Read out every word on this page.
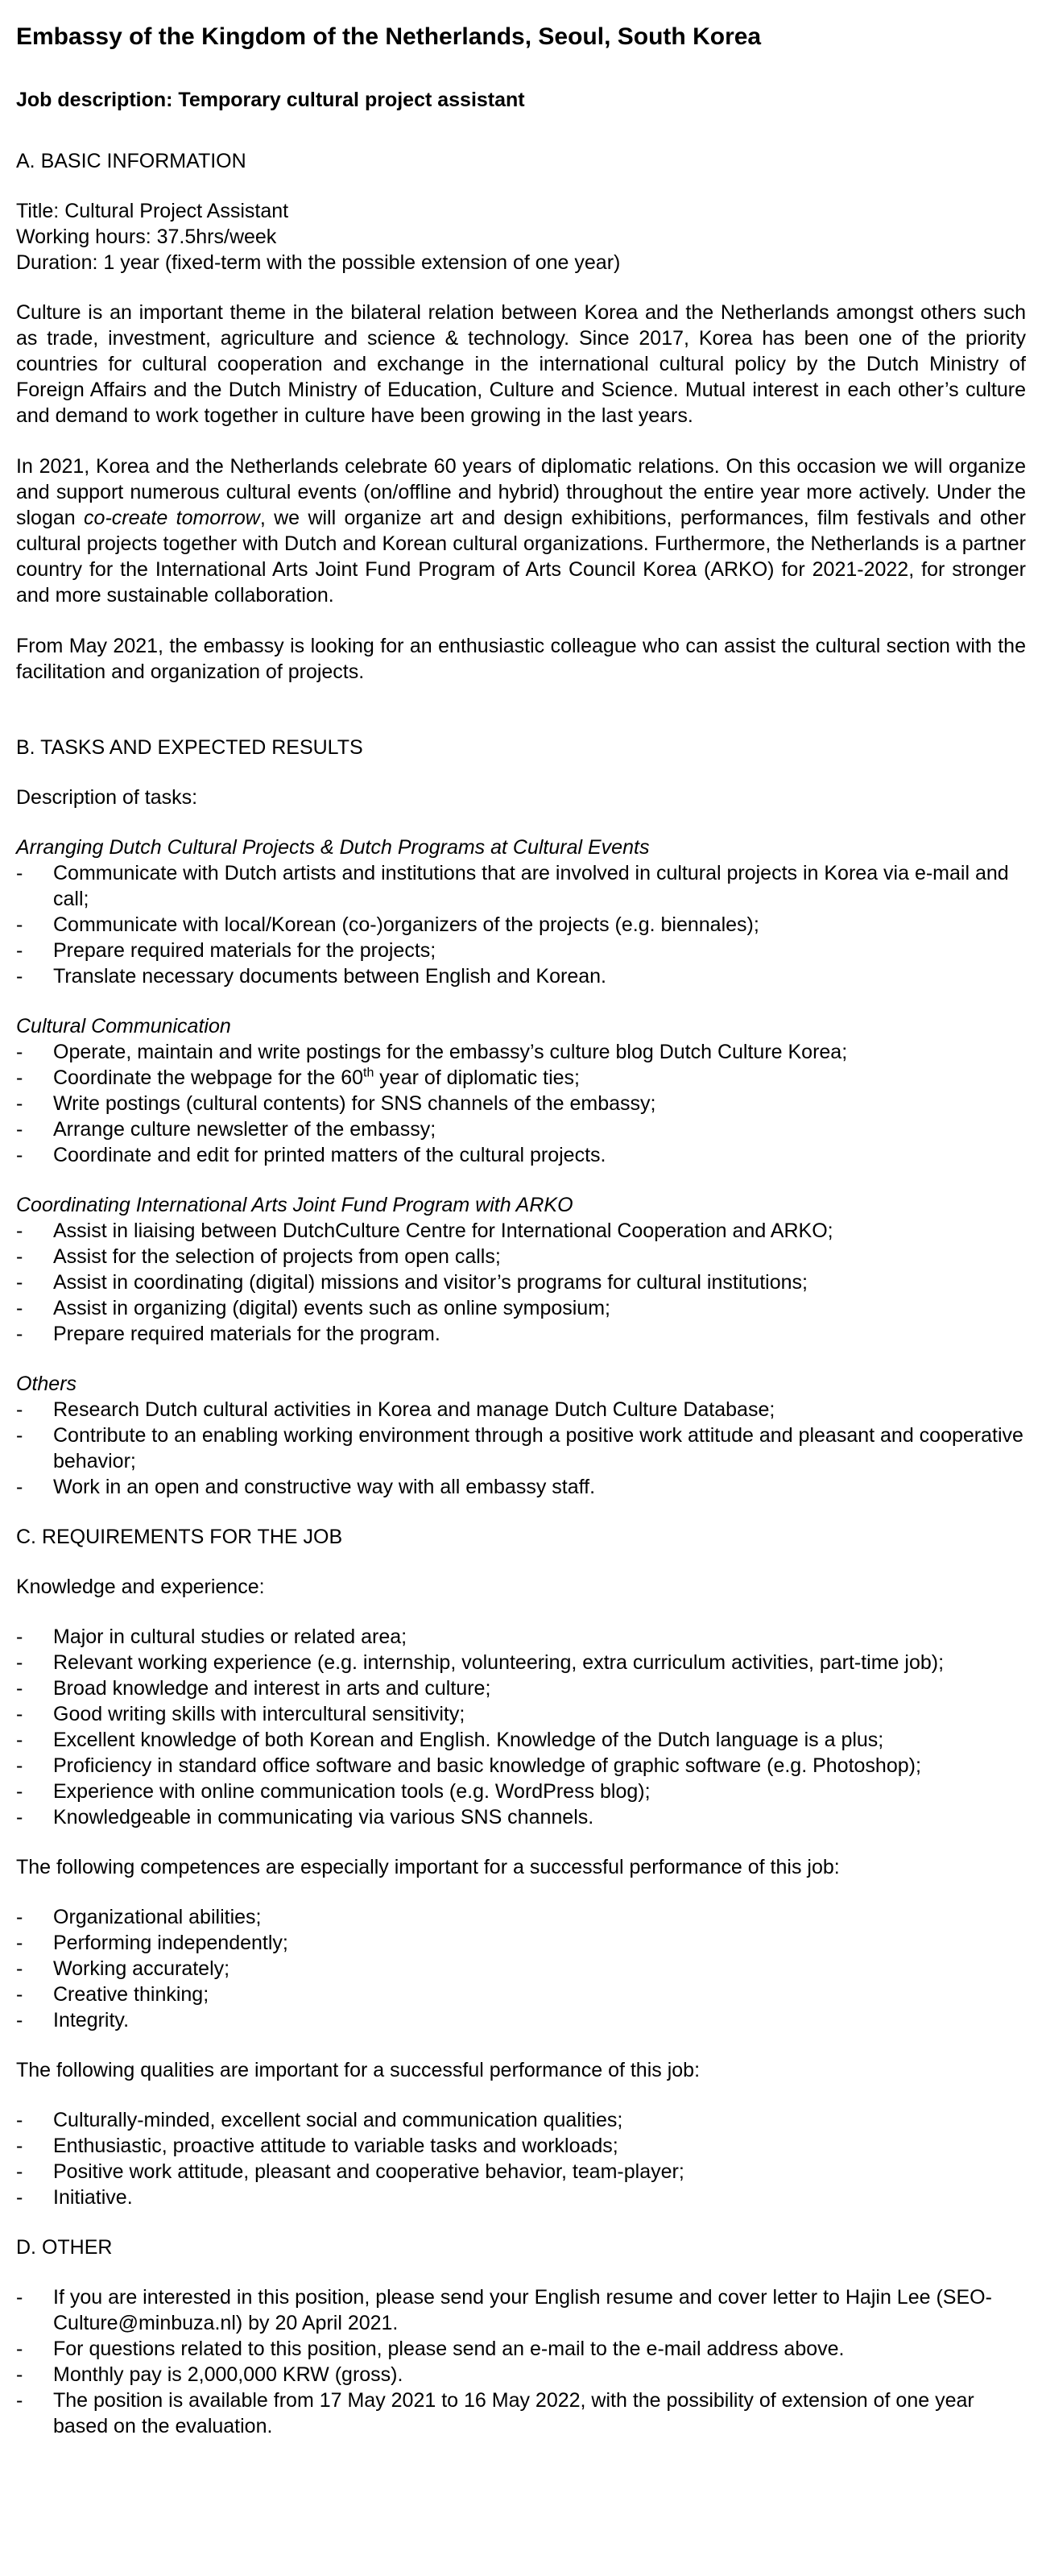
Embassy of the Kingdom of the Netherlands, Seoul, South Korea
Job description: Temporary cultural project assistant
A. BASIC INFORMATION
Title: Cultural Project Assistant
Working hours: 37.5hrs/week
Duration: 1 year (fixed-term with the possible extension of one year)

Culture is an important theme in the bilateral relation between Korea and the Netherlands amongst others such as trade, investment, agriculture and science & technology. Since 2017, Korea has been one of the priority countries for cultural cooperation and exchange in the international cultural policy by the Dutch Ministry of Foreign Affairs and the Dutch Ministry of Education, Culture and Science. Mutual interest in each other’s culture and demand to work together in culture have been growing in the last years.

In 2021, Korea and the Netherlands celebrate 60 years of diplomatic relations. On this occasion we will organize and support numerous cultural events (on/offline and hybrid) throughout the entire year more actively. Under the slogan co-create tomorrow, we will organize art and design exhibitions, performances, film festivals and other cultural projects together with Dutch and Korean cultural organizations. Furthermore, the Netherlands is a partner country for the International Arts Joint Fund Program of Arts Council Korea (ARKO) for 2021-2022, for stronger and more sustainable collaboration.

From May 2021, the embassy is looking for an enthusiastic colleague who can assist the cultural section with the facilitation and organization of projects.

B. TASKS AND EXPECTED RESULTS
Description of tasks:
Arranging Dutch Cultural Projects & Dutch Programs at Cultural Events
- Communicate with Dutch artists and institutions that are involved in cultural projects in Korea via e-mail and call;
- Communicate with local/Korean (co-)organizers of the projects (e.g. biennales);
- Prepare required materials for the projects;
- Translate necessary documents between English and Korean.
Cultural Communication
- Operate, maintain and write postings for the embassy’s culture blog Dutch Culture Korea;
- Coordinate the webpage for the 60th year of diplomatic ties;
- Write postings (cultural contents) for SNS channels of the embassy;
- Arrange culture newsletter of the embassy;
- Coordinate and edit for printed matters of the cultural projects.
Coordinating International Arts Joint Fund Program with ARKO
- Assist in liaising between DutchCulture Centre for International Cooperation and ARKO;
- Assist for the selection of projects from open calls;
- Assist in coordinating (digital) missions and visitor’s programs for cultural institutions;
- Assist in organizing (digital) events such as online symposium;
- Prepare required materials for the program.
Others
- Research Dutch cultural activities in Korea and manage Dutch Culture Database;
- Contribute to an enabling working environment through a positive work attitude and pleasant and cooperative behavior;
- Work in an open and constructive way with all embassy staff.
C. REQUIREMENTS FOR THE JOB
Knowledge and experience:
- Major in cultural studies or related area;
- Relevant working experience (e.g. internship, volunteering, extra curriculum activities, part-time job);
- Broad knowledge and interest in arts and culture;
- Good writing skills with intercultural sensitivity;
- Excellent knowledge of both Korean and English. Knowledge of the Dutch language is a plus;
- Proficiency in standard office software and basic knowledge of graphic software (e.g. Photoshop);
- Experience with online communication tools (e.g. WordPress blog);
- Knowledgeable in communicating via various SNS channels.
The following competences are especially important for a successful performance of this job:
- Organizational abilities;
- Performing independently;
- Working accurately;
- Creative thinking;
- Integrity.
The following qualities are important for a successful performance of this job:
- Culturally-minded, excellent social and communication qualities;
- Enthusiastic, proactive attitude to variable tasks and workloads;
- Positive work attitude, pleasant and cooperative behavior, team-player;
- Initiative.
D. OTHER
- If you are interested in this position, please send your English resume and cover letter to Hajin Lee (SEO-Culture@minbuza.nl) by 20 April 2021.
- For questions related to this position, please send an e-mail to the e-mail address above.
- Monthly pay is 2,000,000 KRW (gross).
- The position is available from 17 May 2021 to 16 May 2022, with the possibility of extension of one year based on the evaluation.
